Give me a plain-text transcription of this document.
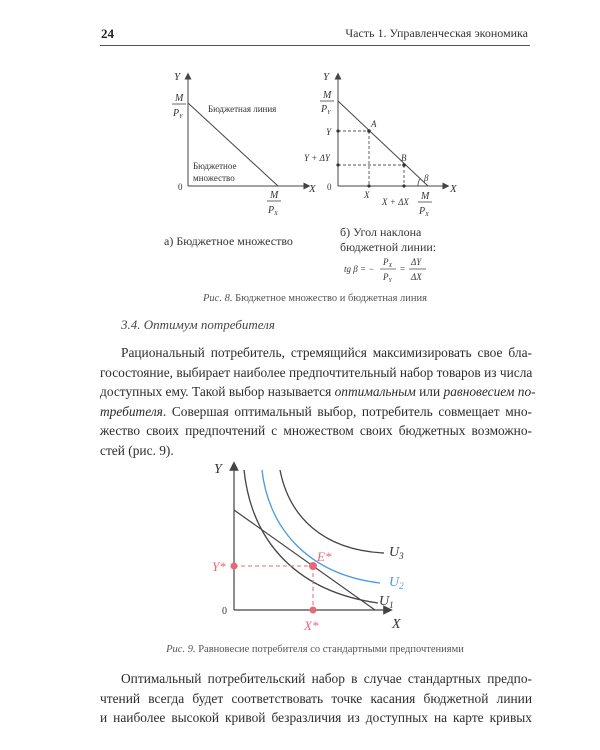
24	Часть 1. Управленческая экономика
Y
X
0
M
$P_Y$
Бюджетная линия
Бюджетное
множество
M
$P_X$
а) Бюджетное множество
Y
X
0
M
$P_Y$
Y
Y + ΔY
A
B
β
X
X + ΔX M
$P_X$
б) Угол наклона
бюджетной линии:
tg β = −
$P_X$
$P_Y$
=
ΔY
ΔX
Рис. 8. Бюджетное множество и бюджетная линия
3.4. Оптимум потребителя

Рациональный потребитель, стремящийся максимизировать свое бла-
госостояние, выбирает наиболее предпочтительный набор товаров из числа
доступных ему. Такой выбор называется оптимальным или равновесием по-
требителя. Совершая оптимальный выбор, потребитель совмещает мно-
жество своих предпочтений с множеством своих бюджетных возможно-
стей (рис. 9).

Y
X
0
Y*
X*
E*	$U_3$
$U_2$
$U_1$
Рис. 9. Равновесие потребителя со стандартными предпочтениями

Оптимальный потребительский набор в случае стандартных предпо-
чтений всегда будет соответствовать точке касания бюджетной линии
и наиболее высокой кривой безразличия из доступных на карте кривых
